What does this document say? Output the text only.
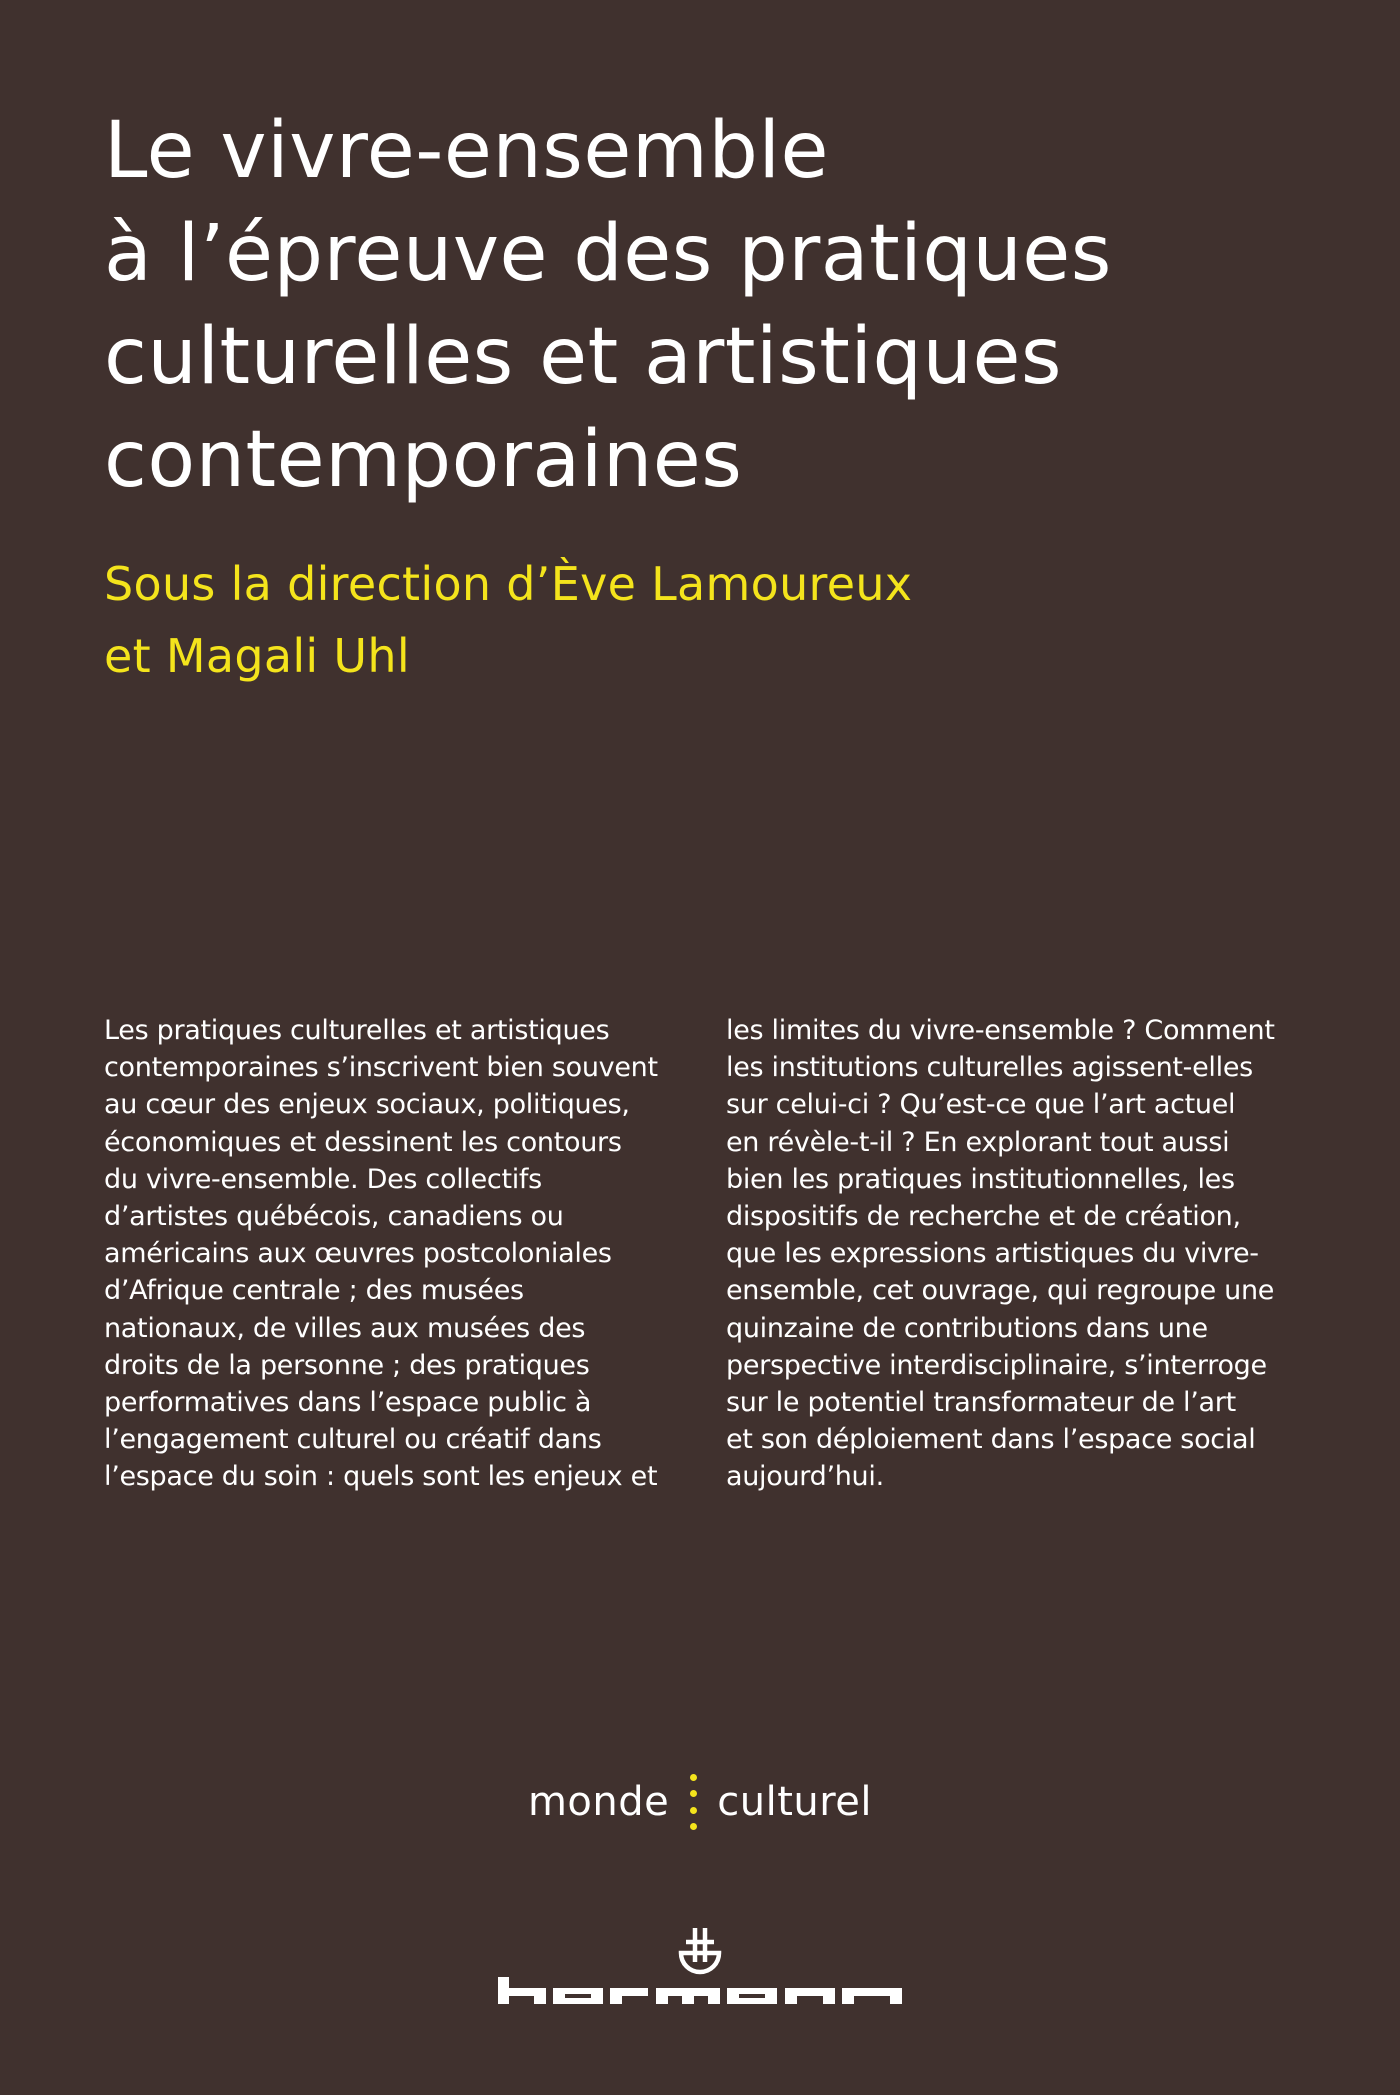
Le vivre-ensemble
à l’épreuve des pratiques
culturelles et artistiques
contemporaines
Sous la direction d’Ève Lamoureux
et Magali Uhl
Les pratiques culturelles et artistiques
contemporaines s’inscrivent bien souvent
au cœur des enjeux sociaux, politiques,
économiques et dessinent les contours
du vivre-ensemble. Des collectifs
d’artistes québécois, canadiens ou
américains aux œuvres postcoloniales
d’Afrique centrale ; des musées
nationaux, de villes aux musées des
droits de la personne ; des pratiques
performatives dans l’espace public à
l’engagement culturel ou créatif dans
l’espace du soin : quels sont les enjeux et
les limites du vivre-ensemble ? Comment
les institutions culturelles agissent-elles
sur celui-ci ? Qu’est-ce que l’art actuel
en révèle-t-il ? En explorant tout aussi
bien les pratiques institutionnelles, les
dispositifs de recherche et de création,
que les expressions artistiques du vivre-
ensemble, cet ouvrage, qui regroupe une
quinzaine de contributions dans une
perspective interdisciplinaire, s’interroge
sur le potentiel transformateur de l’art
et son déploiement dans l’espace social
aujourd’hui.
monde culturel
